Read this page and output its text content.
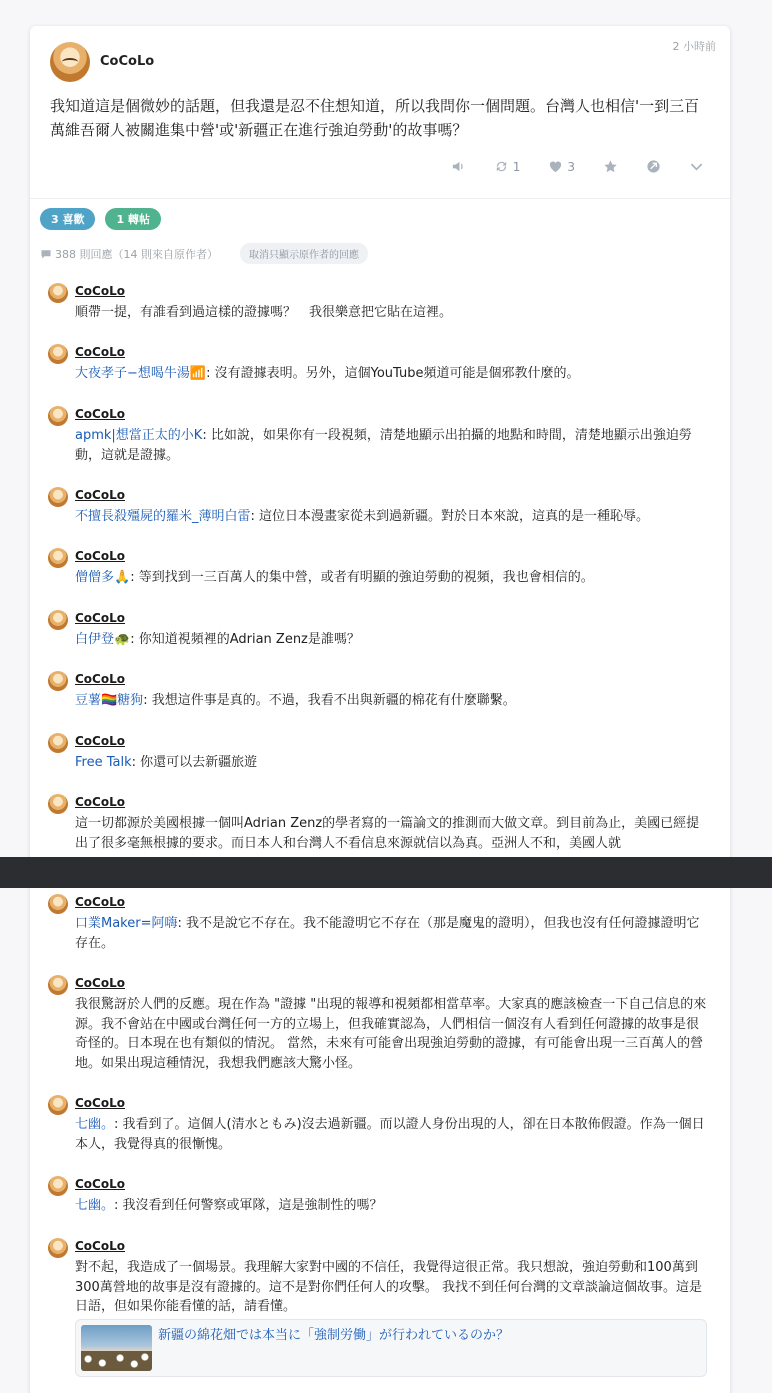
2 小時前
CoCoLo
我知道這是個微妙的話題，但我還是忍不住想知道，所以我問你一個問題。台灣人也相信'一到三百萬維吾爾人被關進集中營'或'新疆正在進行強迫勞動'的故事嗎？
1	3
3 喜歡	1 轉帖
388 則回應（14 則來自原作者）	取消只顯示原作者的回應
CoCoLo
順帶一提，有誰看到過這樣的證據嗎？　我很樂意把它貼在這裡。
CoCoLo
大夜孝子−想喝牛湯📶: 沒有證據表明。另外，這個YouTube頻道可能是個邪教什麼的。
CoCoLo
apmk|想當正太的小K: 比如說，如果你有一段視頻，清楚地顯示出拍攝的地點和時間，清楚地顯示出強迫勞動，這就是證據。
CoCoLo
不擅長殺殭屍的羅米_薄明白雷: 這位日本漫畫家從未到過新疆。對於日本來說，這真的是一種恥辱。
CoCoLo
僧僧多🙏: 等到找到一三百萬人的集中營，或者有明顯的強迫勞動的視頻，我也會相信的。
CoCoLo
白伊登🐢: 你知道視頻裡的Adrian Zenz是誰嗎？
CoCoLo
豆薯🏳️‍🌈糖狗: 我想這件事是真的。不過，我看不出與新疆的棉花有什麼聯繫。
CoCoLo
Free Talk: 你還可以去新疆旅遊
CoCoLo
這一切都源於美國根據一個叫Adrian Zenz的學者寫的一篇論文的推測而大做文章。到目前為止，美國已經提出了很多毫無根據的要求。而日本人和台灣人不看信息來源就信以為真。亞洲人不和，美國人就
CoCoLo
口業Maker=阿嗨: 我不是說它不存在。我不能證明它不存在（那是魔鬼的證明），但我也沒有任何證據證明它存在。
CoCoLo
我很驚訝於人們的反應。現在作為 "證據 "出現的報導和視頻都相當草率。大家真的應該檢查一下自己信息的來源。我不會站在中國或台灣任何一方的立場上，但我確實認為，人們相信一個沒有人看到任何證據的故事是很奇怪的。日本現在也有類似的情況。 當然，未來有可能會出現強迫勞動的證據，有可能會出現一三百萬人的營地。如果出現這種情況，我想我們應該大驚小怪。
CoCoLo
七幽。: 我看到了。這個人(清水ともみ)沒去過新疆。而以證人身份出現的人，卻在日本散佈假證。作為一個日本人，我覺得真的很慚愧。
CoCoLo
七幽。: 我沒看到任何警察或軍隊，這是強制性的嗎？
CoCoLo
對不起，我造成了一個場景。我理解大家對中國的不信任，我覺得這很正常。我只想說，強迫勞動和100萬到300萬營地的故事是沒有證據的。這不是對你們任何人的攻擊。 我找不到任何台灣的文章談論這個故事。這是日語，但如果你能看懂的話，請看懂。
新疆の綿花畑では本当に「強制労働」が行われているのか？
